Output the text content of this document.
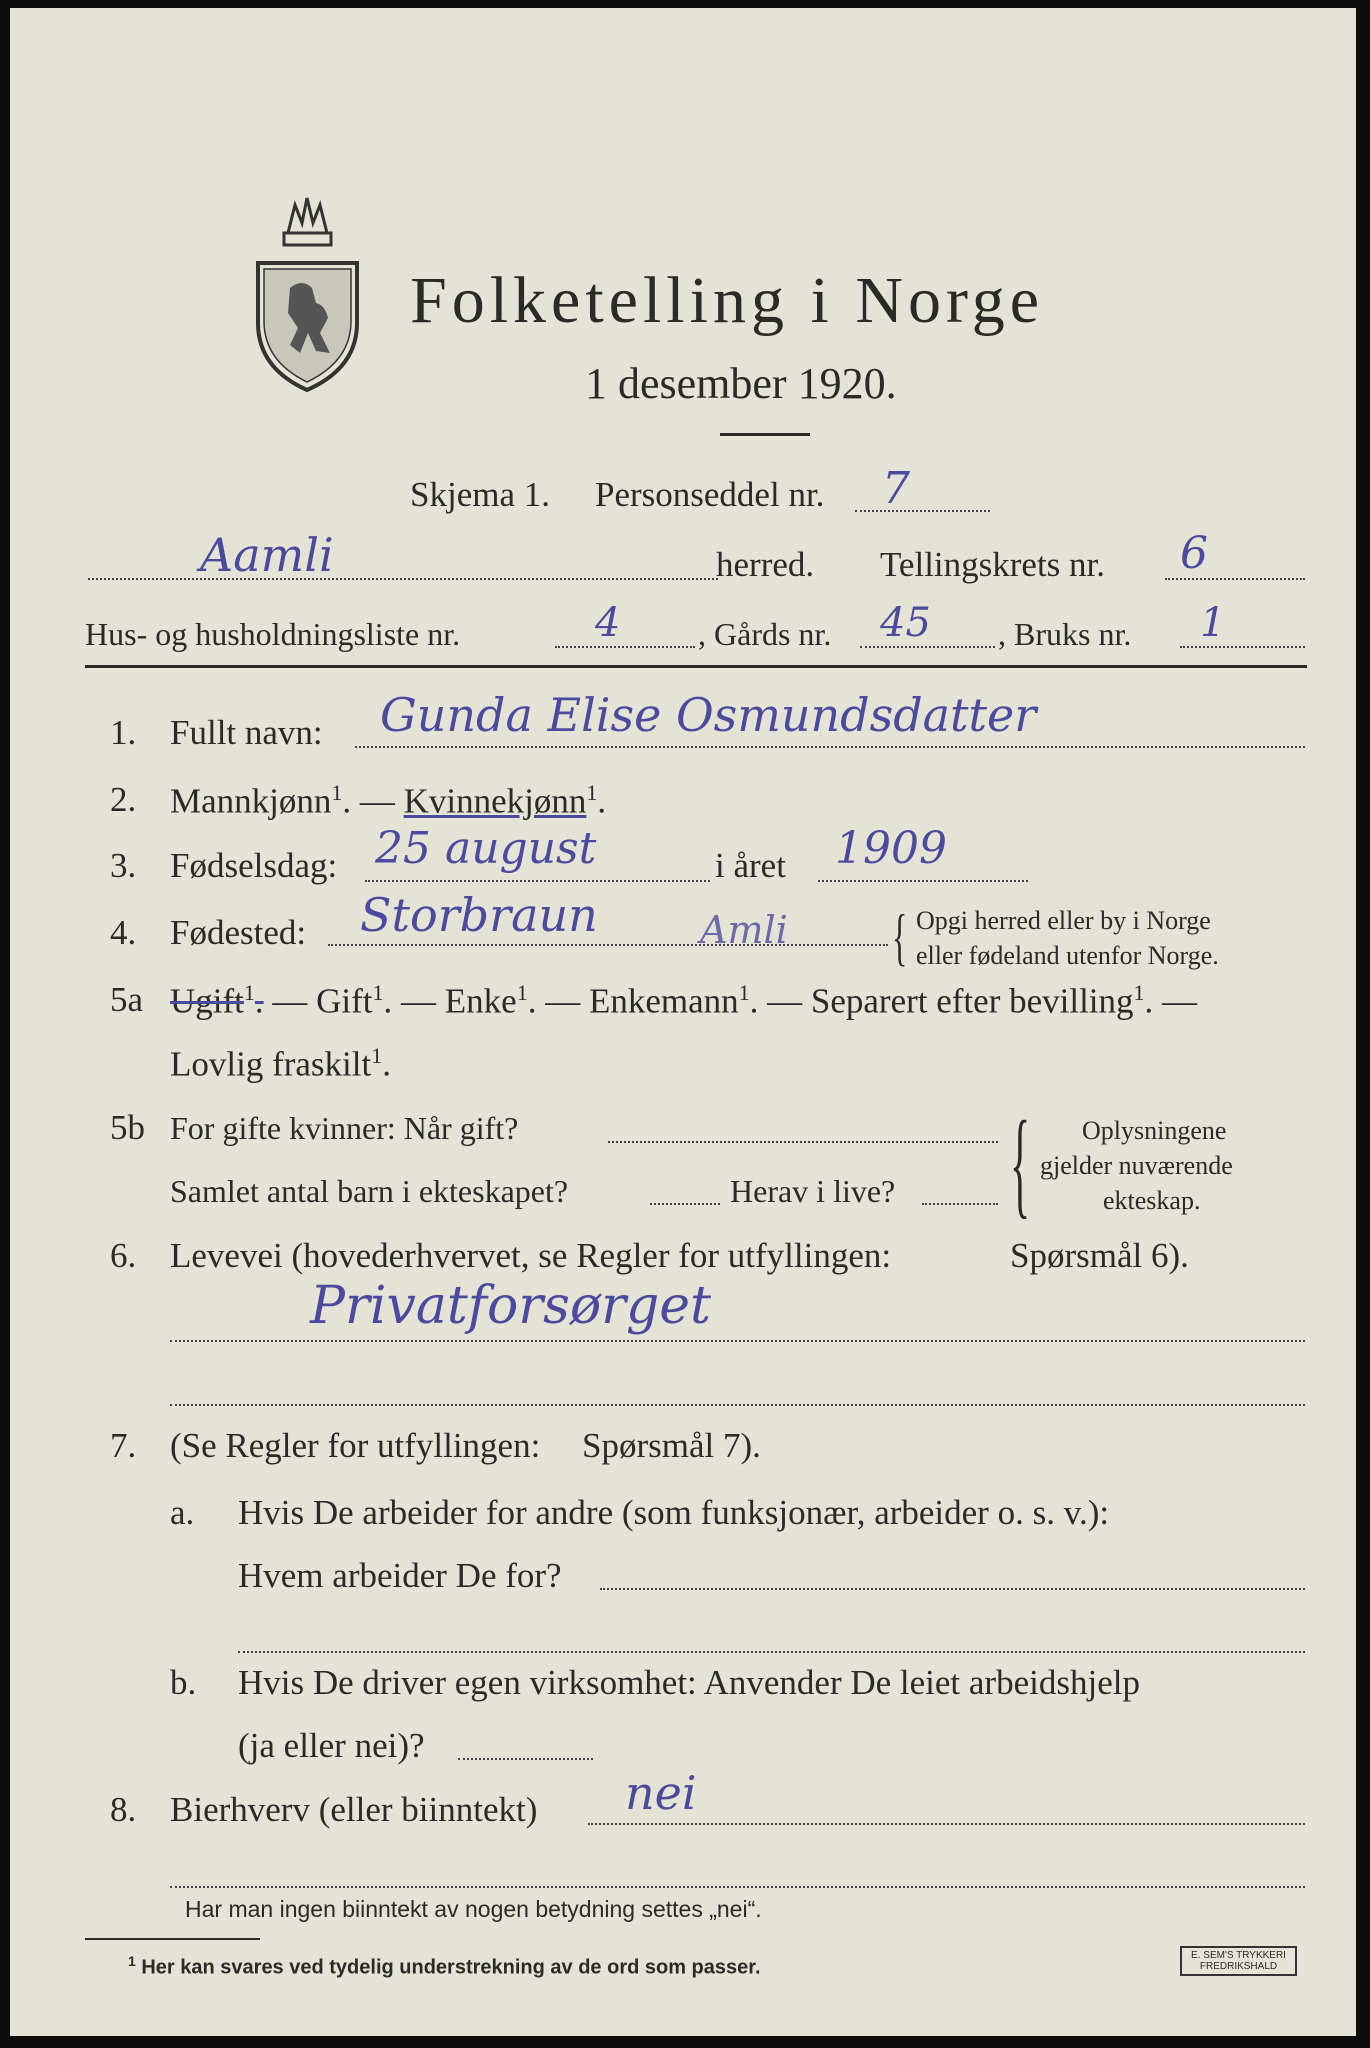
Folketelling i Norge
1 desember 1920.
Skjema 1. Personseddel nr. 7
Aamli	herred. Tellingskrets nr. 6
Hus- og husholdningsliste nr.	4 , Gårds nr. 45 , Bruks nr. 1
1. Fullt navn: Gunda Elise Osmundsdatter
2. Mannkjønn$^1$. — Kvinnekjønn$^1$.
3. Fødselsdag: 25 august	i året 1909
4. Fødested: Storbraun	Amli { Opgi herred eller by i Norge
eller fødeland utenfor Norge.
5a Ugift$^1$. — Gift$^1$. — Enke$^1$. — Enkemann$^1$. — Separert efter bevilling$^1$. —
Lovlig fraskilt$^1$.
5b For gifte kvinner: Når gift?
Samlet antal barn i ekteskapet?	Herav i live? { Oplysningene
gjelder nuværende
ekteskap.
6. Levevei (hovederhvervet, se Regler for utfyllingen:	Spørsmål 6).
Privatforsørget
7. (Se Regler for utfyllingen: Spørsmål 7).
a. Hvis De arbeider for andre (som funksjonær, arbeider o. s. v.):
Hvem arbeider De for?
b. Hvis De driver egen virksomhet: Anvender De leiet arbeidshjelp
(ja eller nei)?
8. Bierhverv (eller biinntekt) nei
Har man ingen biinntekt av nogen betydning settes „nei“.
$^1$ Her kan svares ved tydelig understrekning av de ord som passer.
E. SEM'S TRYKKERI FREDRIKSHALD
